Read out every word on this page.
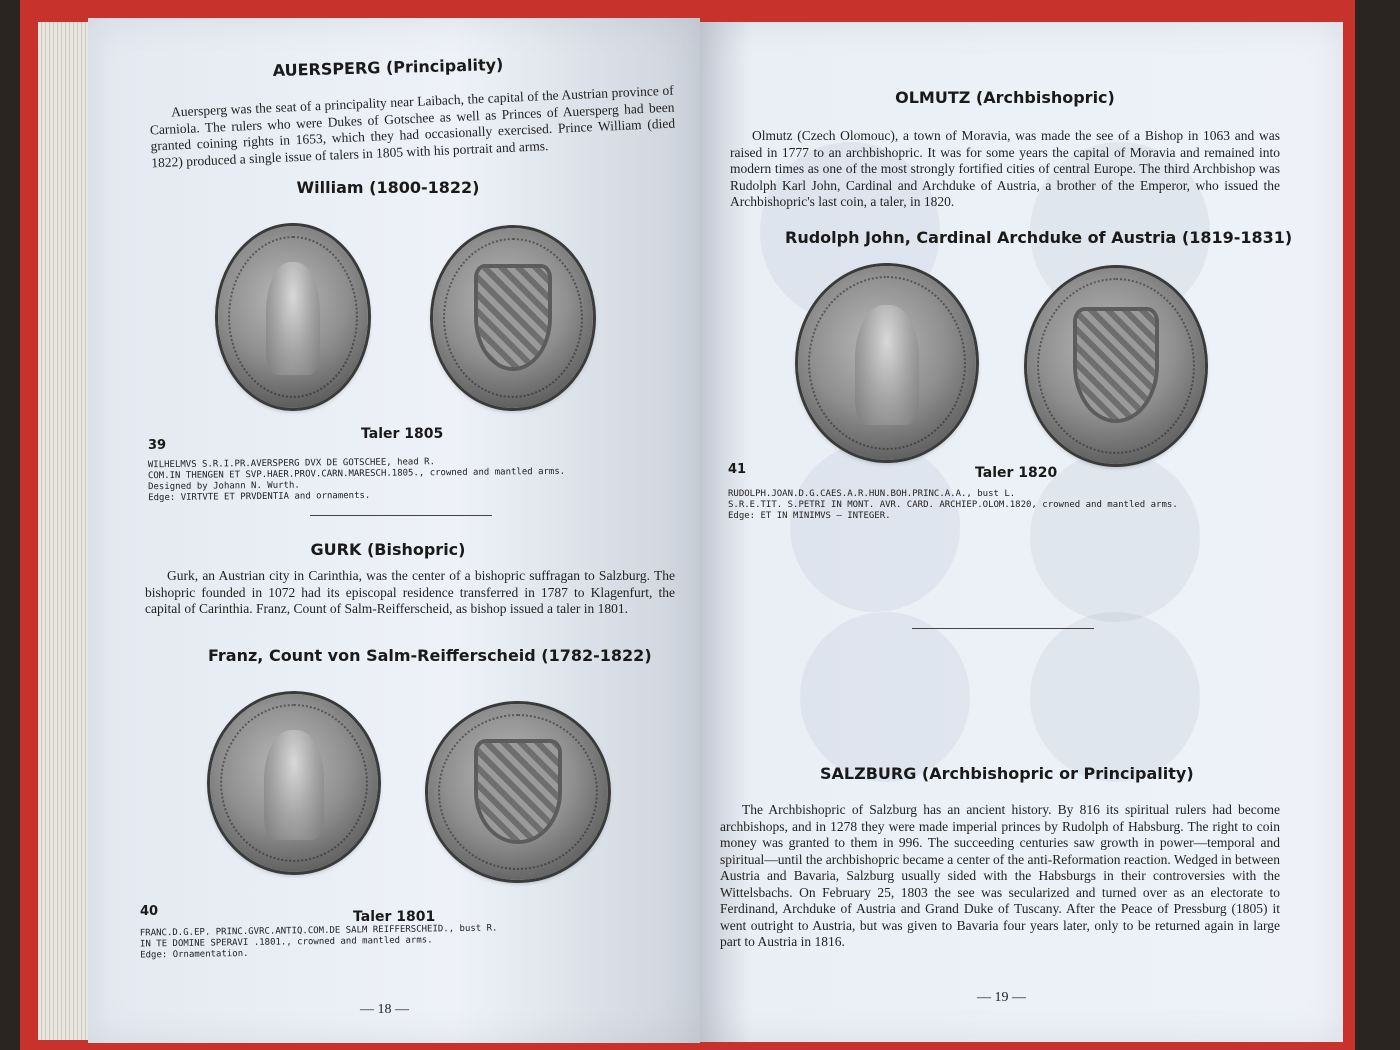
AUERSPERG (Principality)
Auersperg was the seat of a principality near Laibach, the capital of the Austrian province of Carniola. The rulers who were Dukes of Gotschee as well as Princes of Auersperg had been granted coining rights in 1653, which they had occasionally exercised. Prince William (died 1822) produced a single issue of talers in 1805 with his portrait and arms.
William (1800-1822)
39
Taler 1805
WILHELMVS S.R.I.PR.AVERSPERG DVX DE GOTSCHEE, head R.
COM.IN THENGEN ET SVP.HAER.PROV.CARN.MARESCH.1805., crowned and mantled arms.
Designed by Johann N. Wurth.
Edge: VIRTVTE ET PRVDENTIA and ornaments.
GURK (Bishopric)
Gurk, an Austrian city in Carinthia, was the center of a bishopric suffragan to Salzburg. The bishopric founded in 1072 had its episcopal residence transferred in 1787 to Klagenfurt, the capital of Carinthia. Franz, Count of Salm-Reifferscheid, as bishop issued a taler in 1801.
Franz, Count von Salm-Reifferscheid (1782-1822)
40	Taler 1801
FRANC.D.G.EP. PRINC.GVRC.ANTIQ.COM.DE SALM REIFFERSCHEID., bust R.
IN TE DOMINE SPERAVI .1801., crowned and mantled arms.
Edge: Ornamentation.
— 18 —
OLMUTZ (Archbishopric)
Olmutz (Czech Olomouc), a town of Moravia, was made the see of a Bishop in 1063 and was raised in 1777 to an archbishopric. It was for some years the capital of Moravia and remained into modern times as one of the most strongly fortified cities of central Europe. The third Archbishop was Rudolph Karl John, Cardinal and Archduke of Austria, a brother of the Emperor, who issued the Archbishopric's last coin, a taler, in 1820.
Rudolph John, Cardinal Archduke of Austria (1819-1831)
41	Taler 1820
RUDOLPH.JOAN.D.G.CAES.A.R.HUN.BOH.PRINC.A.A., bust L.
S.R.E.TIT. S.PETRI IN MONT. AVR. CARD. ARCHIEP.OLOM.1820, crowned and mantled arms.
Edge: ET IN MINIMVS — INTEGER.
SALZBURG (Archbishopric or Principality)
The Archbishopric of Salzburg has an ancient history. By 816 its spiritual rulers had become archbishops, and in 1278 they were made imperial princes by Rudolph of Habsburg. The right to coin money was granted to them in 996. The succeeding centuries saw growth in power—temporal and spiritual—until the archbishopric became a center of the anti-Reformation reaction. Wedged in between Austria and Bavaria, Salzburg usually sided with the Habsburgs in their controversies with the Wittelsbachs. On February 25, 1803 the see was secularized and turned over as an electorate to Ferdinand, Archduke of Austria and Grand Duke of Tuscany. After the Peace of Pressburg (1805) it went outright to Austria, but was given to Bavaria four years later, only to be returned again in large part to Austria in 1816.
— 19 —
